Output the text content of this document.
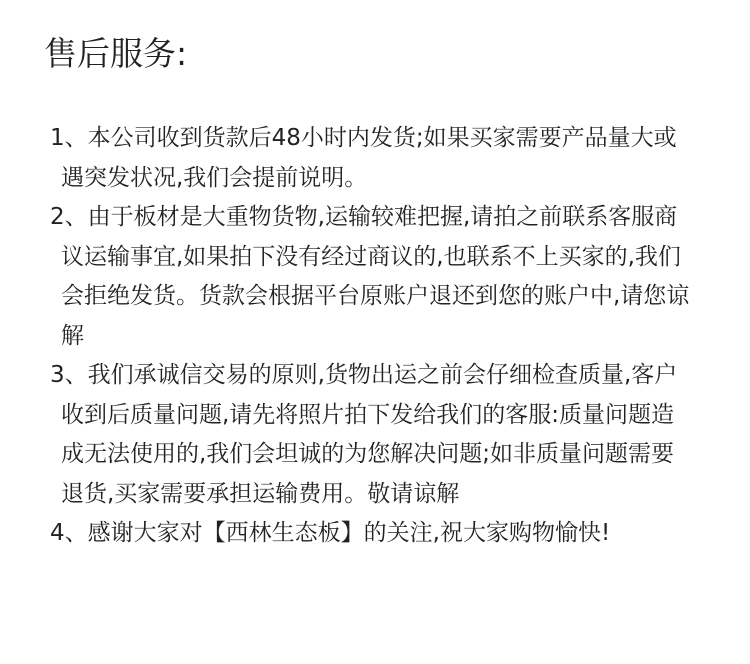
售后服务:
1、本公司收到货款后48小时内发货;如果买家需要产品量大或遇突发状况,我们会提前说明。
2、由于板材是大重物货物,运输较难把握,请拍之前联系客服商议运输事宜,如果拍下没有经过商议的,也联系不上买家的,我们会拒绝发货。货款会根据平台原账户退还到您的账户中,请您谅解
3、我们承诚信交易的原则,货物出运之前会仔细检查质量,客户收到后质量问题,请先将照片拍下发给我们的客服:质量问题造成无法使用的,我们会坦诚的为您解决问题;如非质量问题需要退货,买家需要承担运输费用。敬请谅解
4、感谢大家对【西林生态板】的关注,祝大家购物愉快!
